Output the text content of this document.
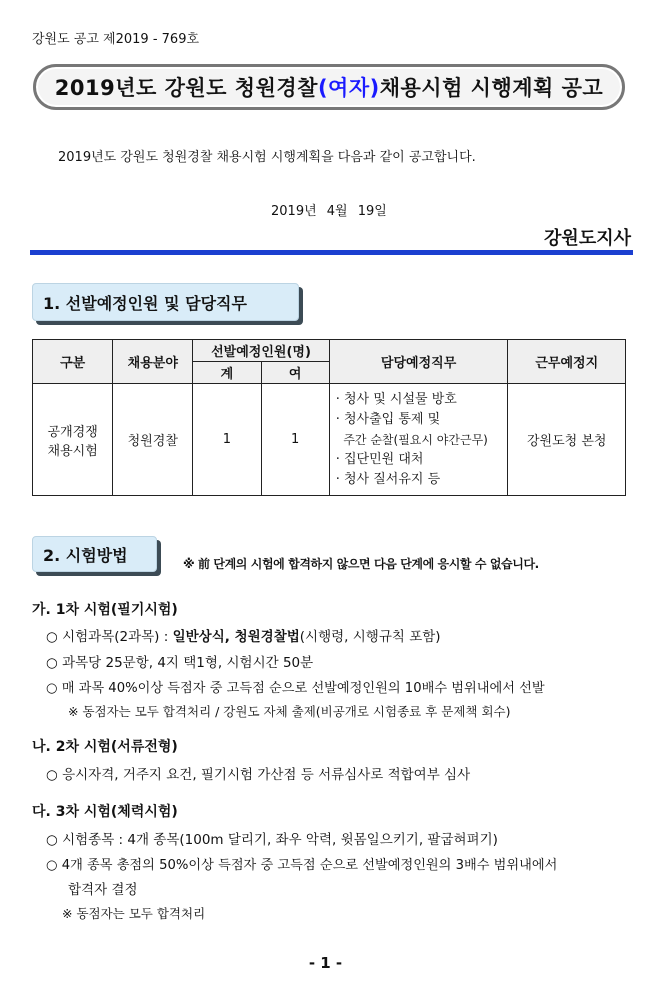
강원도 공고 제2019 - 769호
2019년도 강원도 청원경찰 (여자) 채용시험 시행계획 공고
2019년도 강원도 청원경찰 채용시험 시행계획을 다음과 같이 공고합니다.
2019년 4월 19일
강원도지사
1. 선발예정인원 및 담당직무
구분	채용분야	선발예정인원(명)		담당예정직무	근무예정지
		계	여		
공개경쟁 채용시험	청원경찰	1	1	· 청사 및 시설물 방호
· 청사출입 통제 및
주간 순찰(필요시 야간근무)
· 집단민원 대처
· 청사 질서유지 등	강원도청 본청
2. 시험방법	※ 前 단계의 시험에 합격하지 않으면 다음 단계에 응시할 수 없습니다.
가. 1차 시험(필기시험)
○ 시험과목(2과목) : 일반상식, 청원경찰법(시행령, 시행규칙 포함)
○ 과목당 25문항, 4지 택1형, 시험시간 50분
○ 매 과목 40%이상 득점자 중 고득점 순으로 선발예정인원의 10배수 범위내에서 선발
※ 동점자는 모두 합격처리 / 강원도 자체 출제(비공개로 시험종료 후 문제책 회수)
나. 2차 시험(서류전형)
○ 응시자격, 거주지 요건, 필기시험 가산점 등 서류심사로 적합여부 심사
다. 3차 시험(체력시험)
○ 시험종목 : 4개 종목(100m 달리기, 좌우 악력, 윗몸일으키기, 팔굽혀펴기)
○ 4개 종목 총점의 50%이상 득점자 중 고득점 순으로 선발예정인원의 3배수 범위내에서
합격자 결정
※ 동점자는 모두 합격처리
- 1 -
